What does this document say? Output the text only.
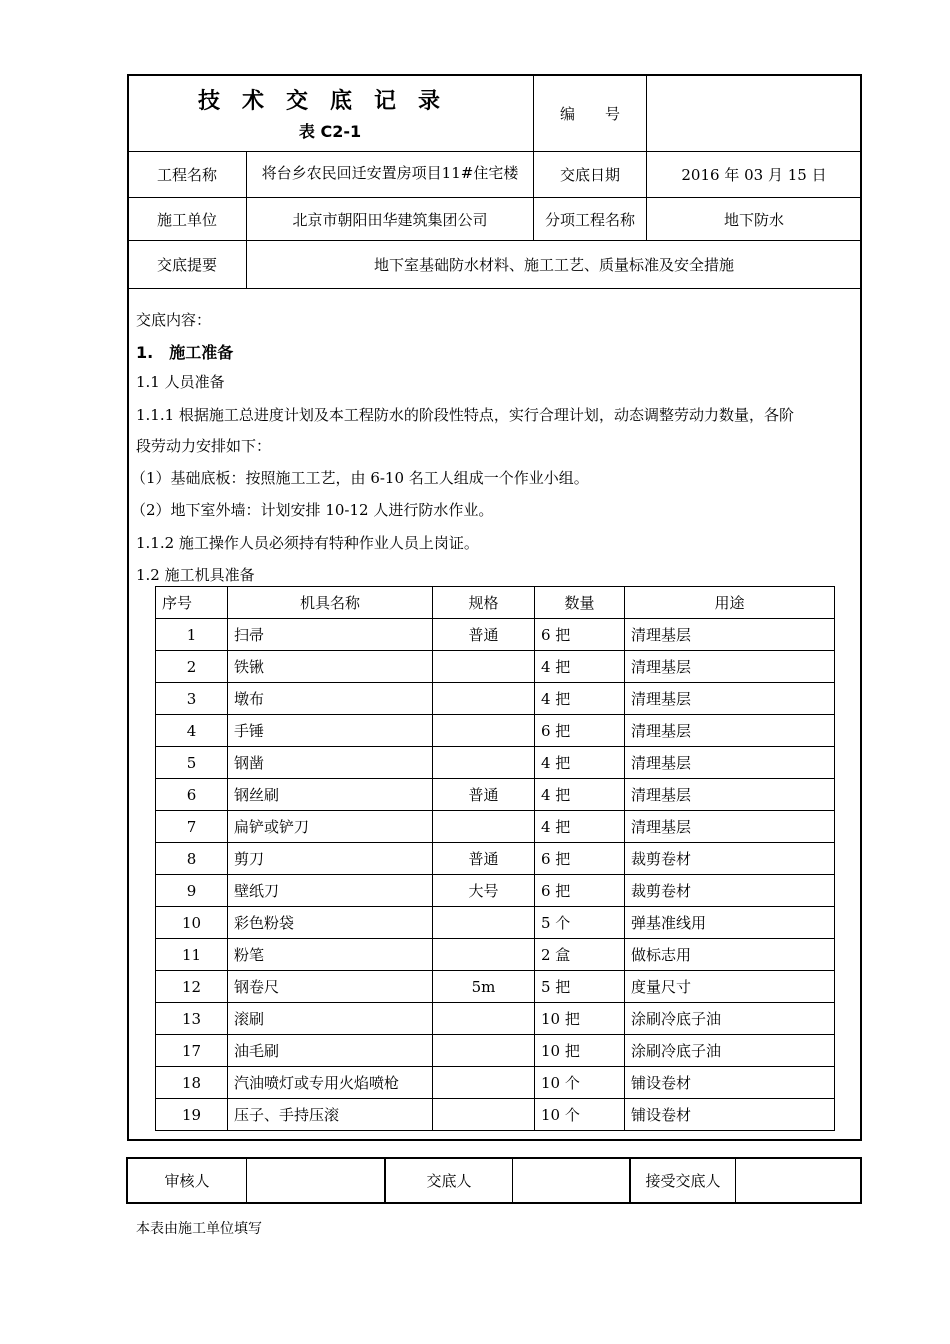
技术交底记录
表 C2-1
编　　号
工程名称	将台乡农民回迁安置房项目11#住宅楼	交底日期	2016 年 03 月 15 日
施工单位	北京市朝阳田华建筑集团公司	分项工程名称	地下防水
交底提要	地下室基础防水材料、施工工艺、质量标准及安全措施
交底内容：
1.　施工准备
1.1 人员准备
1.1.1 根据施工总进度计划及本工程防水的阶段性特点，实行合理计划，动态调整劳动力数量，各阶
段劳动力安排如下：
（1）基础底板：按照施工工艺，由 6-10 名工人组成一个作业小组。
（2）地下室外墙：计划安排 10-12 人进行防水作业。
1.1.2 施工操作人员必须持有特种作业人员上岗证。
1.2 施工机具准备
序号	机具名称	规格	数量	用途
1	扫帚	普通	6 把	清理基层
2	铁锹		4 把	清理基层
3	墩布		4 把	清理基层
4	手锤		6 把	清理基层
5	钢凿		4 把	清理基层
6	钢丝刷	普通	4 把	清理基层
7	扁铲或铲刀		4 把	清理基层
8	剪刀	普通	6 把	裁剪卷材
9	壁纸刀	大号	6 把	裁剪卷材
10	彩色粉袋		5 个	弹基准线用
11	粉笔		2 盒	做标志用
12	钢卷尺	5m	5 把	度量尺寸
13	滚刷		10 把	涂刷冷底子油
17	油毛刷		10 把	涂刷冷底子油
18	汽油喷灯或专用火焰喷枪		10 个	铺设卷材
19	压子、手持压滚		10 个	铺设卷材
审核人	交底人	接受交底人
本表由施工单位填写
